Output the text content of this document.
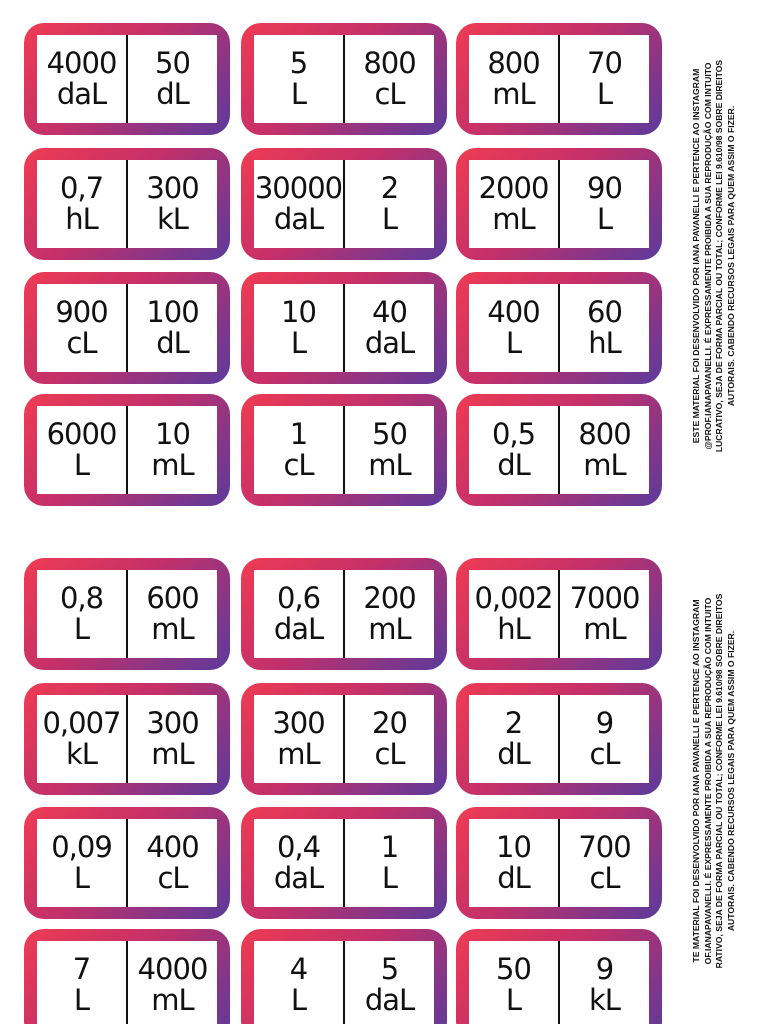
4000
daL
50
dL
5
L
800
cL
800
mL
70
L
0,7
hL
300
kL
30000
daL
2
L
2000
mL
90
L
900
cL
100
dL
10
L
40
daL
400
L
60
hL
6000
L
10
mL
1
cL
50
mL
0,5
dL
800
mL
ESTE MATERIAL FOI DESENVOLVIDO POR IANA PAVANELLI E PERTENCE AO INSTAGRAM @PROF.IANAPAVANELLI. É EXPRESSAMENTE PROIBIDA A SUA REPRODUÇÃO COM INTUITO LUCRATIVO, SEJA DE FORMA PARCIAL OU TOTAL; CONFORME LEI 9.610/98 SOBRE DIREITOS AUTORAIS. CABENDO RECURSOS LEGAIS PARA QUEM ASSIM O FIZER.
0,8
L
600
mL
0,6
daL
200
mL
0,002
hL
7000
mL
0,007
kL
300
mL
300
mL
20
cL
2
dL
9
cL
0,09
L
400
cL
0,4
daL
1
L
10
dL
700
cL
7
L
4000
mL
4
L
5
daL
50
L
9
kL
TE MATERIAL FOI DESENVOLVIDO POR IANA PAVANELLI E PERTENCE AO INSTAGRAM OF.IANAPAVANELLI. É EXPRESSAMENTE PROIBIDA A SUA REPRODUÇÃO COM INTUITO RATIVO, SEJA DE FORMA PARCIAL OU TOTAL; CONFORME LEI 9.610/98 SOBRE DIREITOS AUTORAIS. CABENDO RECURSOS LEGAIS PARA QUEM ASSIM O FIZER.
